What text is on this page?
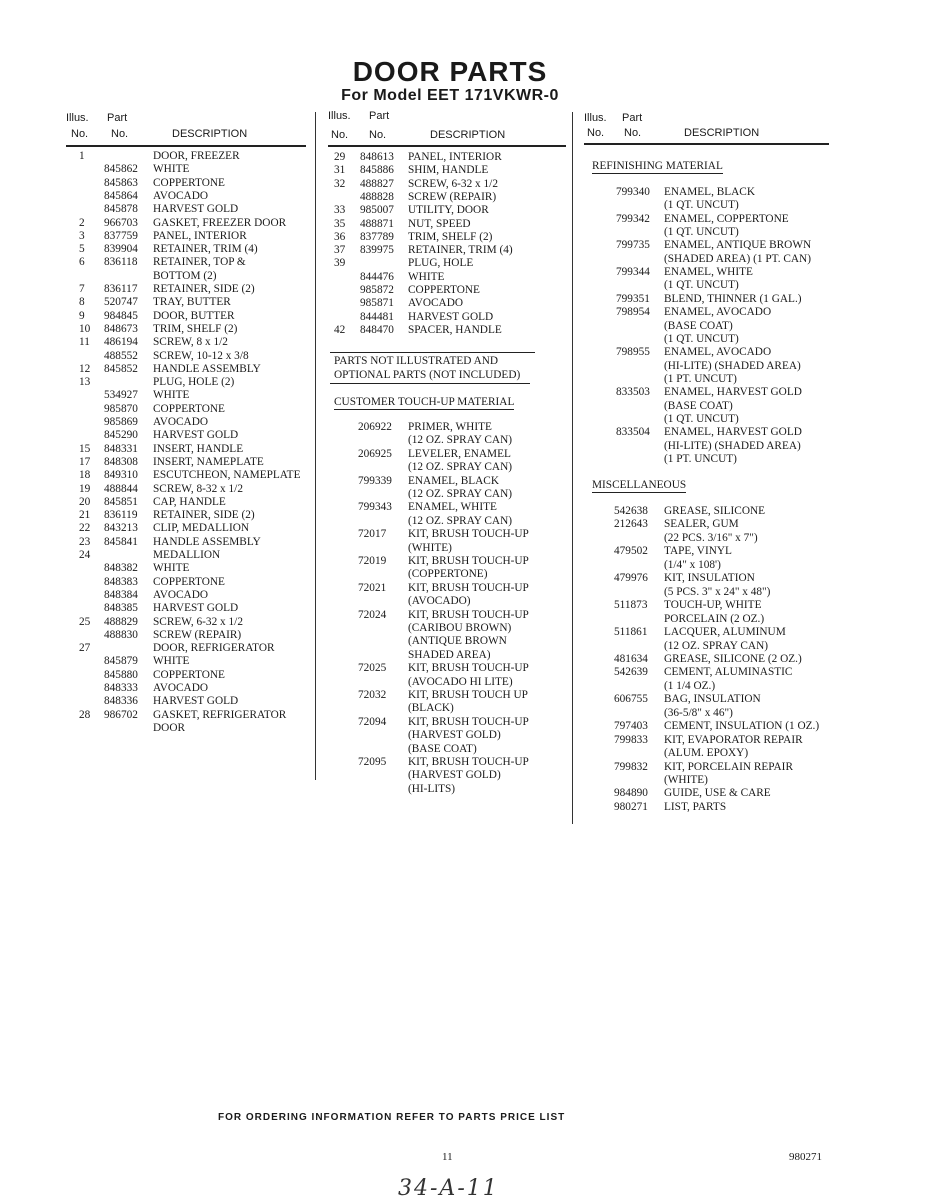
DOOR PARTS
For Model EET 171VKWR-0
Illus. Part
No. No.	DESCRIPTION
Illus. Part
No. No.	DESCRIPTION
Illus. Part
No. No.	DESCRIPTION
1	DOOR, FREEZER
845862 WHITE
845863 COPPERTONE
845864 AVOCADO
845878 HARVEST GOLD
2 966703 GASKET, FREEZER DOOR
3 837759 PANEL, INTERIOR
5 839904 RETAINER, TRIM (4)
6 836118 RETAINER, TOP &
BOTTOM (2)
7 836117 RETAINER, SIDE (2)
8 520747 TRAY, BUTTER
9 984845 DOOR, BUTTER
10 848673 TRIM, SHELF (2)
11 486194 SCREW, 8 x 1/2
488552 SCREW, 10-12 x 3/8
12 845852 HANDLE ASSEMBLY
13	PLUG, HOLE (2)
534927 WHITE
985870 COPPERTONE
985869 AVOCADO
845290 HARVEST GOLD
15 848331 INSERT, HANDLE
17 848308 INSERT, NAMEPLATE
18 849310 ESCUTCHEON, NAMEPLATE
19 488844 SCREW, 8-32 x 1/2
20 845851 CAP, HANDLE
21 836119 RETAINER, SIDE (2)
22 843213 CLIP, MEDALLION
23 845841 HANDLE ASSEMBLY
24	MEDALLION
848382 WHITE
848383 COPPERTONE
848384 AVOCADO
848385 HARVEST GOLD
25 488829 SCREW, 6-32 x 1/2
488830 SCREW (REPAIR)
27	DOOR, REFRIGERATOR
845879 WHITE
845880 COPPERTONE
848333 AVOCADO
848336 HARVEST GOLD
28 986702 GASKET, REFRIGERATOR
DOOR
29 848613 PANEL, INTERIOR
31 845886 SHIM, HANDLE
32 488827 SCREW, 6-32 x 1/2
488828 SCREW (REPAIR)
33 985007 UTILITY, DOOR
35 488871 NUT, SPEED
36 837789 TRIM, SHELF (2)
37 839975 RETAINER, TRIM (4)
39	PLUG, HOLE
844476 WHITE
985872 COPPERTONE
985871 AVOCADO
844481 HARVEST GOLD
42 848470 SPACER, HANDLE
PARTS NOT ILLUSTRATED AND
OPTIONAL PARTS (NOT INCLUDED)
CUSTOMER TOUCH-UP MATERIAL
206922 PRIMER, WHITE
(12 OZ. SPRAY CAN)
206925 LEVELER, ENAMEL
(12 OZ. SPRAY CAN)
799339 ENAMEL, BLACK
(12 OZ. SPRAY CAN)
799343 ENAMEL, WHITE
(12 OZ. SPRAY CAN)
72017 KIT, BRUSH TOUCH-UP
(WHITE)
72019 KIT, BRUSH TOUCH-UP
(COPPERTONE)
72021 KIT, BRUSH TOUCH-UP
(AVOCADO)
72024 KIT, BRUSH TOUCH-UP
(CARIBOU BROWN)
(ANTIQUE BROWN
SHADED AREA)
72025 KIT, BRUSH TOUCH-UP
(AVOCADO HI LITE)
72032 KIT, BRUSH TOUCH UP
(BLACK)
72094 KIT, BRUSH TOUCH-UP
(HARVEST GOLD)
(BASE COAT)
72095 KIT, BRUSH TOUCH-UP
(HARVEST GOLD)
(HI-LITS)
REFINISHING MATERIAL
799340 ENAMEL, BLACK
(1 QT. UNCUT)
799342 ENAMEL, COPPERTONE
(1 QT. UNCUT)
799735 ENAMEL, ANTIQUE BROWN
(SHADED AREA) (1 PT. CAN)
799344 ENAMEL, WHITE
(1 QT. UNCUT)
799351 BLEND, THINNER (1 GAL.)
798954 ENAMEL, AVOCADO
(BASE COAT)
(1 QT. UNCUT)
798955 ENAMEL, AVOCADO
(HI-LITE) (SHADED AREA)
(1 PT. UNCUT)
833503 ENAMEL, HARVEST GOLD
(BASE COAT)
(1 QT. UNCUT)
833504 ENAMEL, HARVEST GOLD
(HI-LITE) (SHADED AREA)
(1 PT. UNCUT)
MISCELLANEOUS
542638 GREASE, SILICONE
212643 SEALER, GUM
(22 PCS. 3/16" x 7")
479502 TAPE, VINYL
(1/4" x 108')
479976 KIT, INSULATION
(5 PCS. 3" x 24" x 48")
511873 TOUCH-UP, WHITE
PORCELAIN (2 OZ.)
511861 LACQUER, ALUMINUM
(12 OZ. SPRAY CAN)
481634 GREASE, SILICONE (2 OZ.)
542639 CEMENT, ALUMINASTIC
(1 1/4 OZ.)
606755 BAG, INSULATION
(36-5/8" x 46")
797403 CEMENT, INSULATION (1 OZ.)
799833 KIT, EVAPORATOR REPAIR
(ALUM. EPOXY)
799832 KIT, PORCELAIN REPAIR
(WHITE)
984890 GUIDE, USE & CARE
980271 LIST, PARTS
FOR ORDERING INFORMATION REFER TO PARTS PRICE LIST
11	980271
34-A-11
